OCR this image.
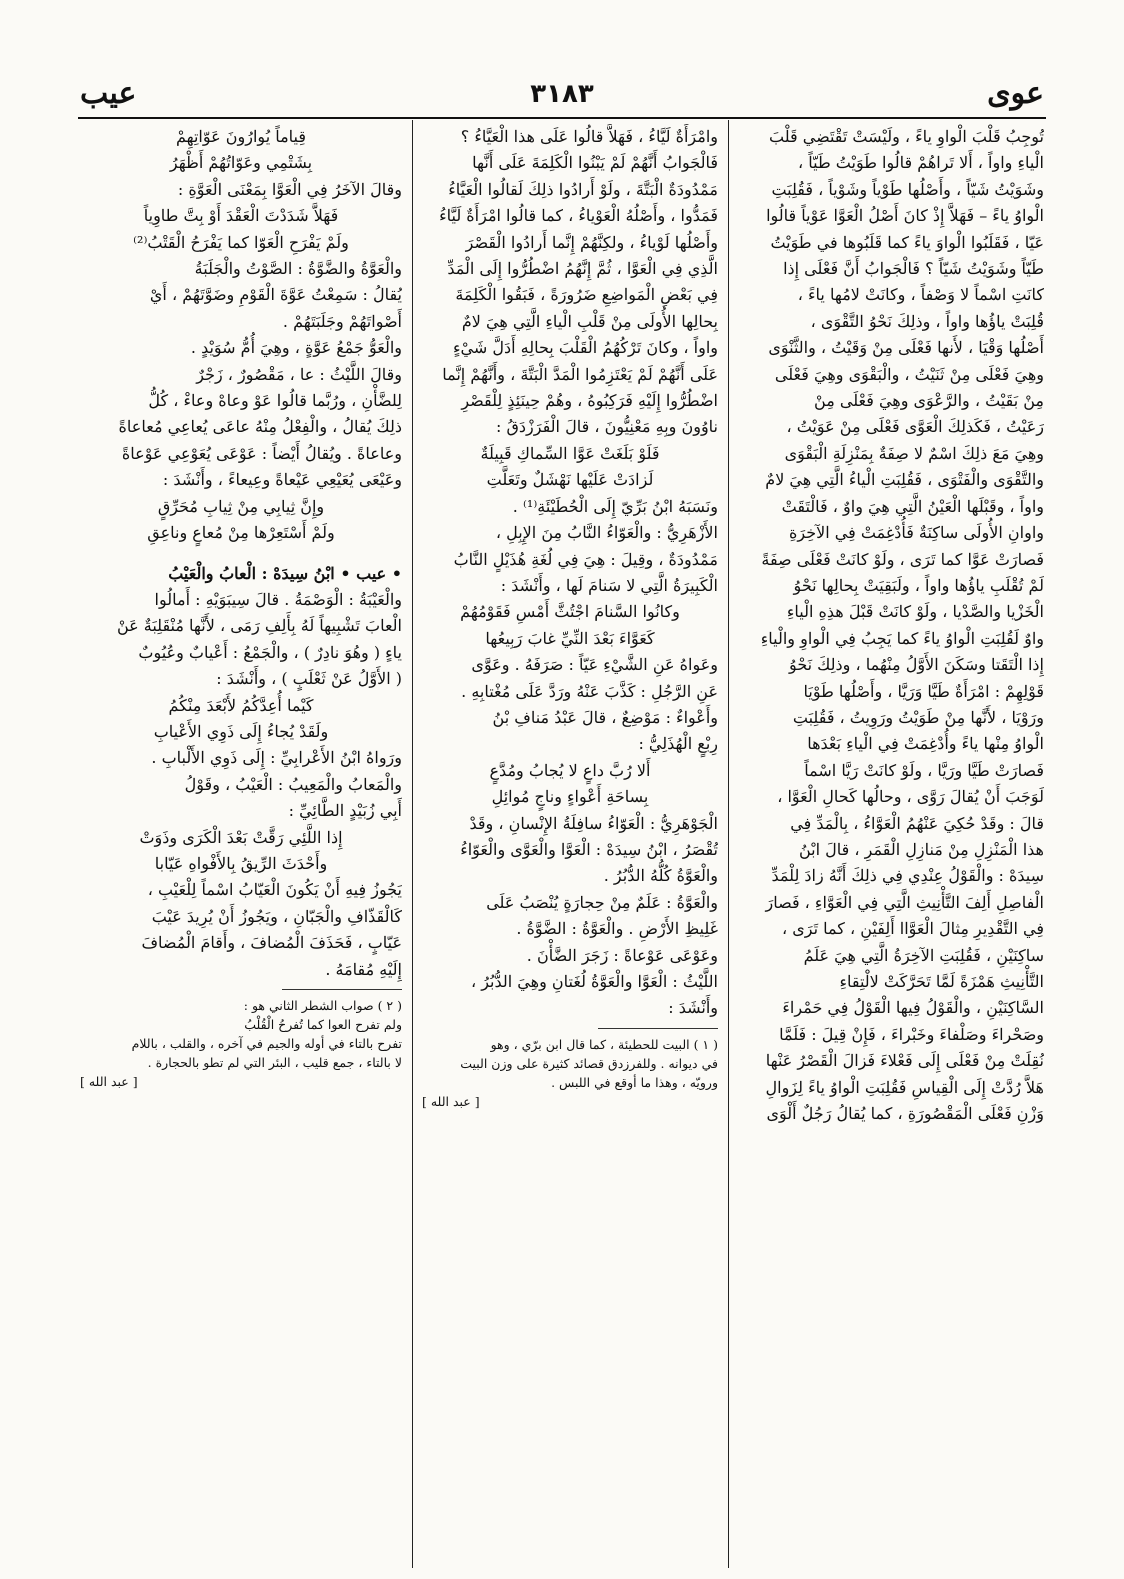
عوى
٣١٨٣
عيب

تُوجِبُ قَلْبَ الْواوِ ياءً ، ولَيْسَتْ تَقْتَضِي قَلْبَ

الْياءِ واواً ، أَلا تَراهُمْ قالُوا طَوَيْتُ طَيّاً ،

وشَوَيْتُ شَيّاً ، وأَصْلُها طَوْياً وشَوْياً ، فَقُلِبَتِ

الْواوُ ياءً – فَهَلاَّ إِذْ كانَ أَصْلُ الْعَوَّا عَوْياً قالُوا

عَيّا ، فَقَلَبُوا الْواوَ ياءً كما قَلَبُوها في طَوَيْتُ

طَيّاً وشَوَيْتُ شَيّاً ؟ فَالْجَوابُ أَنَّ فَعْلَى إِذا

كانَتِ اسْماً لا وَصْفاً ، وكانَتْ لامُها ياءً ،

قُلِبَتْ ياؤُها واواً ، وذلِكَ نَحْوُ التَّقْوَى ،

أَصْلُها وَقْيَا ، لأَنها فَعْلَى مِنْ وَقَيْتُ ، والثَّنْوَى

وهِيَ فَعْلَى مِنْ ثَنَيْتُ ، والْبَقْوَى وهِيَ فَعْلَى

مِنْ بَقَيْتُ ، والرَّعْوَى وهِيَ فَعْلَى مِنْ

رَعَيْتُ ، فَكَذلِكَ الْعَوَّى فَعْلَى مِنْ عَوَيْتُ ،

وهِيَ مَعَ ذلِكَ اسْمٌ لا صِفَةٌ بِمَنْزِلَةِ الْبَقْوَى

والتَّقْوَى والْفَتْوَى ، فَقُلِبَتِ الْياءُ الَّتِي هِيَ لامٌ

واواً ، وقَبْلَها الْعَيْنُ الَّتِي هِيَ واوٌ ، فَالْتَقَتْ

واوانِ الأُولَى ساكِنَةٌ فَأُدْغِمَتْ فِي الآخِرَةِ

فَصارَتْ عَوَّا كما تَرَى ، ولَوْ كانَتْ فَعْلَى صِفَةً

لَمْ تُقْلَبِ ياؤُها واواً ، ولَبَقِيَتْ بِحالِها نَحْوُ

الْخَزْيا والصَّدْيا ، ولَوْ كانَتْ قَبْلَ هذِهِ الْياءِ

واوٌ لَقُلِبَتِ الْواوُ ياءً كما يَجِبُ فِي الْواوِ والْياءِ

إِذا الْتَقَتا وسَكَنَ الأَوَّلُ مِنْهُما ، وذلِكَ نَحْوُ

قَوْلِهِمْ : امْرَأَةٌ طَيَّا وَرَيَّا ، وأَصْلُها طَوْيَا

ورَوْيَا ، لأَنَّها مِنْ طَوَيْتُ ورَوِيتُ ، فَقُلِبَتِ

الْواوُ مِنْها ياءً وأُدْغِمَتْ فِي الْياءِ بَعْدَها

فَصارَتْ طَيَّا ورَيَّا ، ولَوْ كانَتْ رَيَّا اسْماً

لَوَجَبَ أَنْ يُقالَ رَوَّى ، وحالُها كَحالِ الْعَوَّا ،

قالَ : وقَدْ حُكِيَ عَنْهُمُ الْعَوَّاءُ ، بِالْمَدِّ فِي

هذا الْمَنْزِلِ مِنْ مَنازِلِ الْقَمَرِ ، قالَ ابْنُ

سِيدَهْ : والْقَوْلُ عِنْدِي فِي ذلِكَ أَنَّهُ زادَ لِلْمَدِّ

الْفاصِلِ أَلِفَ التَّأْنِيثِ الَّتِي فِي الْعَوَّاءِ ، فَصارَ

فِي التَّقْدِيرِ مِثالَ الْعَوَّاا أَلِفَيْنِ ، كما تَرَى ،

ساكِنَيْنِ ، فَقُلِبَتِ الآخِرَةُ الَّتِي هِيَ عَلَمُ

التَّأْنِيثِ هَمْزَةً لَمَّا تَحَرَّكَتْ لالْتِقاءِ

السَّاكِنَيْنِ ، والْقَوْلُ فِيها الْقَوْلُ فِي حَمْراءَ

وصَحْراءَ وصَلْفاءَ وخَبْراءَ ، فَإِنْ قِيلَ : فَلَمَّا

نُقِلَتْ مِنْ فَعْلَى إِلَى فَعْلاءَ فَزالَ الْقَصْرُ عَنْها

هَلاَّ رُدَّتْ إِلَى الْقِياسِ فَقُلِبَتِ الْواوُ ياءً لِزَوالِ

وَزْنِ فَعْلَى الْمَقْصُورَةِ ، كما يُقالُ رَجُلٌ أَلْوَى

وامْرَأَةٌ لَيَّاءُ ، فَهَلاَّ قالُوا عَلَى هذا الْعَيَّاءُ ؟

فَالْجَوابُ أَنَّهُمْ لَمْ يَبْنُوا الْكَلِمَةَ عَلَى أَنَّها

مَمْدُودَةٌ الْبَتَّةَ ، ولَوْ أَرادُوا ذلِكَ لَقالُوا الْعَيَّاءُ

فَمَدُّوا ، وأَصْلُهُ الْعَوْياءُ ، كما قالُوا امْرَأَةٌ لَيَّاءُ

وأَصْلُها لَوْياءُ ، ولكِنَّهُمْ إِنَّما أَرادُوا الْقَصْرَ

الَّذِي فِي الْعَوَّا ، ثُمَّ إِنَّهُمُ اضْطُرُّوا إِلَى الْمَدِّ

فِي بَعْضِ الْمَواضِعِ ضَرُورَةً ، فَبَقُوا الْكَلِمَةَ

بِحالِها الأُولَى مِنْ قَلْبِ الْياءِ الَّتِي هِيَ لامٌ

واواً ، وكانَ تَرْكُهُمُ الْقَلْبَ بِحالِهِ أَدَلَّ شَيْءٍ

عَلَى أَنَّهُمْ لَمْ يَعْتَزِمُوا الْمَدَّ الْبَتَّةَ ، وأَنَّهُمْ إِنَّما

اضْطُرُّوا إِلَيْهِ فَرَكِبُوهُ ، وهُمْ حِينَئِذٍ لِلْقَصْرِ

ناوُونَ وبِهِ مَعْنِيُّونَ ، قالَ الْفَرَزْدَقُ :

فَلَوْ بَلَغَتْ عَوَّا السِّماكِ قَبِيلَةٌ

لَزادَتْ عَلَيْها نَهْشَلٌ وتَعَلَّتِ

ونَسَبَهُ ابْنُ بَرِّيّ إِلَى الْحُطَيْئَةِ⁽¹⁾ .

الأَزْهَرِيُّ : والْعَوّاءُ النَّابُ مِنَ الإِبِلِ ،

مَمْدُودَةٌ ، وقِيلَ : هِيَ فِي لُغَةِ هُذَيْلٍ النَّابُ

الْكَبِيرَةُ الَّتِي لا سَنامَ لَها ، وأَنْشَدَ :

وكانُوا السَّنامَ اجْتُثَّ أَمْسِ فَقَوْمُهُمْ

كَعَوَّاءَ بَعْدَ النِّيِّ غابَ رَبِيعُها

وعَواهُ عَنِ الشَّيْءِ عَيّاً : صَرَفَهُ . وعَوَّى

عَنِ الرَّجُلِ : كَذَّبَ عَنْهُ ورَدَّ عَلَى مُغْتابِهِ .

وأَعْواءٌ : مَوْضِعٌ ، قالَ عَبْدُ مَنافِ بْنُ

رِبْعٍ الْهُذَلِيُّ :

أَلا رُبَّ داعٍ لا يُجابُ ومُدَّعٍ

بِساحَةِ أَعْواءٍ وناجٍ مُوائِلِ

الْجَوْهَرِيُّ : الْعَوّاءُ سافِلَةُ الإِنْسانِ ، وقَدْ

تُقْصَرُ ، ابْنُ سِيدَهْ : الْعَوَّا والْعَوَّى والْعَوّاءُ

والْعَوَّةُ كُلُّهُ الدُّبُرُ .

والْعَوَّةُ : عَلَمٌ مِنْ حِجارَةٍ يُنْصَبُ عَلَى

غَلِيظِ الأَرْضِ . والْعَوَّةُ : الضَّوَّةُ .

وعَوْعَى عَوْعاةً : زَجَرَ الضَّأْنَ .

اللَّيْثُ : الْعَوَّا والْعَوَّةُ لُغَتانِ وهِيَ الدُّبُرُ ،

وأَنْشَدَ :

( ١ ) البيت للحطيئة ، كما قال ابن برّي ، وهو

في ديوانه . وللفرزدق قصائد كثيرة على وزن البيت

ورويّه ، وهذا ما أوقع في اللبس .

[ عبد الله ]

قِياماً يُوارُونَ عَوّاتِهِمْ

بِشَتْمِي وعَوّاتُهُمْ أَظْهَرُ

وقالَ الآخَرُ فِي الْعَوَّا بِمَعْنَى الْعَوَّةِ :

فَهَلاَّ شَدَدْتَ الْعَقْدَ أَوْ بِتَّ طاوِياً

ولَمْ يَفْرَحِ الْعَوّا كما يَفْرَحُ الْقَتْبُ⁽²⁾

والْعَوَّةُ والضَّوَّةُ : الصَّوْتُ والْجَلَبَةُ

يُقالُ : سَمِعْتُ عَوَّةَ الْقَوْمِ وضَوَّتَهُمْ ، أَيْ

أَصْواتَهُمْ وجَلَبَتَهُمْ .

والْعَوُّ جَمْعُ عَوَّةٍ ، وهِيَ أُمُّ سُوَيْدٍ .

وقالَ اللَّيْثُ : عا ، مَقْصُورٌ ، زَجْرٌ

لِلضَّأْنِ ، ورُبَّما قالُوا عَوْ وعاهْ وعاءْ ، كُلُّ

ذلِكَ يُقالُ ، والْفِعْلُ مِنْهُ عاعَى يُعاعِي مُعاعاةً

وعاعاةً . ويُقالُ أَيْضاً : عَوْعَى يُعَوْعِي عَوْعاةً

وعَيْعَى يُعَيْعِي عَيْعاةً وعِيعاءً ، وأَنْشَدَ :

وإِنَّ ثِيابِي مِنْ ثِيابِ مُحَرِّقٍ

ولَمْ أَسْتَعِرْها مِنْ مُعاعٍ وناعِقِ

• عيب • ابْنُ سِيدَهْ : الْعابُ والْعَيْبُ

والْعَيْبَةُ : الْوَصْمَةُ . قالَ سِيبَوَيْهِ : أَمالُوا

الْعابَ تَشْبِيهاً لَهُ بِأَلِفِ رَمَى ، لأَنَّها مُنْقَلِبَةٌ عَنْ

ياءٍ ( وهُوَ نادِرٌ ) ، والْجَمْعُ : أَعْيابٌ وعُيُوبٌ

( الأَوَّلُ عَنْ ثَعْلَبٍ ) ، وأَنْشَدَ :

كَيْما أُعِدَّكُمُ لأَبْعَدَ مِنْكُمُ

ولَقَدْ يُجاءُ إِلَى ذَوِي الأَعْيابِ

ورَواهُ ابْنُ الأَعْرابِيِّ : إِلَى ذَوِي الأَلْبابِ .

والْمَعابُ والْمَعِيبُ : الْعَيْبُ ، وقَوْلُ

أَبِي زُبَيْدٍ الطَّائِيِّ :

إِذا اللَّئِي رَقَّتْ بَعْدَ الْكَرَى وذَوَتْ

وأَحْدَثَ الرِّيقُ بِالأَفْواهِ عَيّابا

يَجُوزُ فِيهِ أَنْ يَكُونَ الْعَيّابُ اسْماً لِلْعَيْبِ ،

كَالْقَذّافِ والْجَبّانِ ، ويَجُوزُ أَنْ يُرِيدَ عَيْبَ

عَيّابٍ ، فَحَذَفَ الْمُضافَ ، وأَقامَ الْمُضافَ

إِلَيْهِ مُقامَهُ .

( ٢ ) صواب الشطر الثاني هو :

ولم تفرح العوا كما تُفرحُ الْقُلْبُ

تفرح بالتاء في أوله والجيم في آخره ، والقلب ، باللام

لا بالتاء ، جمع قليب ، البئر التي لم تطو بالحجارة .

[ عبد الله ]
